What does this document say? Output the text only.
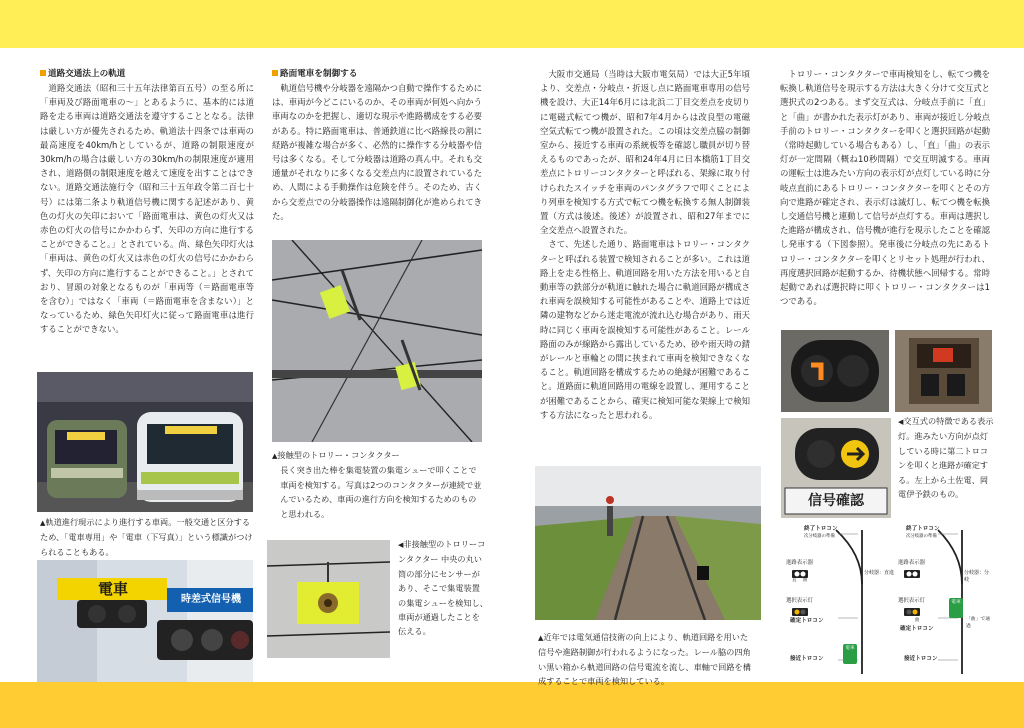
道路交通法上の軌道

道路交通法（昭和三十五年法律第百五号）の至る所に「車両及び路面電車の～」とあるように、基本的には道路を走る車両は道路交通法を遵守することとなる。法律は厳しい方が優先されるため、軌道法十四条では車両の最高速度を40km/hとしているが、道路の制限速度が30km/hの場合は厳しい方の30km/hの制限速度が適用され、道路側の制限速度を越えて速度を出すことはできない。道路交通法施行令（昭和三十五年政令第二百七十号）には第二条より軌道信号機に関する記述があり、黄色の灯火の矢印において「路面電車は、黄色の灯火又は赤色の灯火の信号にかかわらず、矢印の方向に進行することができること。」とされている。尚、緑色矢印灯火は「車両は、黄色の灯火又は赤色の灯火の信号にかかわらず、矢印の方向に進行することができること。」とされており、冒頭の対象となるものが「車両等（＝路面電車等を含む）」ではなく「車両（＝路面電車を含まない）」となっているため、緑色矢印灯火に従って路面電車は進行することができない。

▲軌道進行現示により進行する車両。一般交通と区分するため、「電車専用」や「電車（下写真）」という標識がつけられることもある。
電車
時差式信号機
路面電車を制御する

軌道信号機や分岐器を遠隔かつ自動で操作するためには、車両が今どこにいるのか、その車両が何処へ向かう車両なのかを把握し、適切な現示や進路構成をする必要がある。特に路面電車は、普通鉄道に比べ路線長の割に経路が複雑な場合が多く、必然的に操作する分岐器や信号は多くなる。そして分岐器は道路の真ん中。それも交通量がそれなりに多くなる交差点内に設置されているため、人間による手動操作は危険を伴う。そのため、古くから交差点での分岐器操作は遠隔制御化が進められてきた。

▲接触型のトロリー・コンタクター
長く突き出た棒を集電装置の集電シューで叩くことで車両を検知する。写真は2つのコンタクターが連続で並んでいるため、車両の進行方向を検知するためのものと思われる。
◀非接触型のトロリーコンタクター 中央の丸い筒の部分にセンサーがあり、そこで集電装置の集電シューを検知し、車両が通過したことを伝える。

大阪市交通局（当時は大阪市電気局）では大正5年頃より、交差点・分岐点・折返し点に路面電車専用の信号機を設け、大正14年6月には北浜二丁目交差点を皮切りに電磁式転てつ機が、昭和7年4月からは改良型の電磁空気式転てつ機が設置された。この頃は交差点脇の制御室から、接近する車両の系統板等を確認し職員が切り替えるものであったが、昭和24年4月に日本橋筋1丁目交差点にトロリーコンタクターと呼ばれる、架線に取り付けられたスイッチを車両のパンタグラフで叩くことにより列車を検知する方式で転てつ機を転換する無人制御装置（方式は後述。後述）が設置され、昭和27年までに全交差点へ設置された。

さて、先述した通り、路面電車はトロリー・コンタクターと呼ばれる装置で検知されることが多い。これは道路上を走る性格上、軌道回路を用いた方法を用いると自動車等の鉄部分が軌道に触れた場合に軌道回路が構成され車両を誤検知する可能性があることや、道路上では近隣の建物などから迷走電流が流れ込む場合があり、雨天時に同じく車両を誤検知する可能性があること。レール路面のみが線路から露出しているため、砂や雨天時の錆がレールと車輪との間に挟まれて車両を検知できなくなること。軌道回路を構成するための絶縁が困難であること。道路面に軌道回路用の電線を設置し、運用することが困難であることから、確実に検知可能な架線上で検知する方法になったと思われる。

▲近年では電気通信技術の向上により、軌道回路を用いた信号や進路制御が行われるようになった。レール脇の四角い黒い箱から軌道回路の信号電流を流し、車軸で回路を構成することで車両を検知している。

トロリー・コンタクターで車両検知をし、転てつ機を転換し軌道信号を現示する方法は大きく分けて交互式と選択式の2つある。まず交互式は、分岐点手前に「直」と「曲」が書かれた表示灯があり、車両が接近し分岐点手前のトロリー・コンタクターを叩くと選択回路が起動（常時起動している場合もある）し、「直」「曲」の表示灯が一定間隔（概ね10秒間隔）で交互明滅する。車両の運転士は進みたい方向の表示灯が点灯している時に分岐点直前にあるトロリー・コンタクターを叩くとその方向で進路が確定され、表示灯は滅灯し、転てつ機を転換し交通信号機と連動して信号が点灯する。車両は選択した進路が構成され、信号機が進行を現示したことを確認し発車する（下図参照）。発車後に分岐点の先にあるトロリー・コンタクターを叩くとリセット処理が行われ、再度選択回路が起動するか、待機状態へ回帰する。常時起動であれば選択時に叩くトロリー・コンタクターは1つである。

信号確認
◀交互式の特徴である表示灯。進みたい方向が点灯している時に第二トロコンを叩くと進路が確定する。左上から土佐電、岡電伊予鉄のもの。
終了トロコン
次分岐器の準備
進路表示器
分岐器：直進
選択表示灯
確定トロコン
接近トロコン
直 曲
電車
終了トロコン
次分岐器の準備
進路表示器
分岐器：分岐
選択表示灯
曲	「曲」で通過
確定トロコン
接近トロコン
電車
